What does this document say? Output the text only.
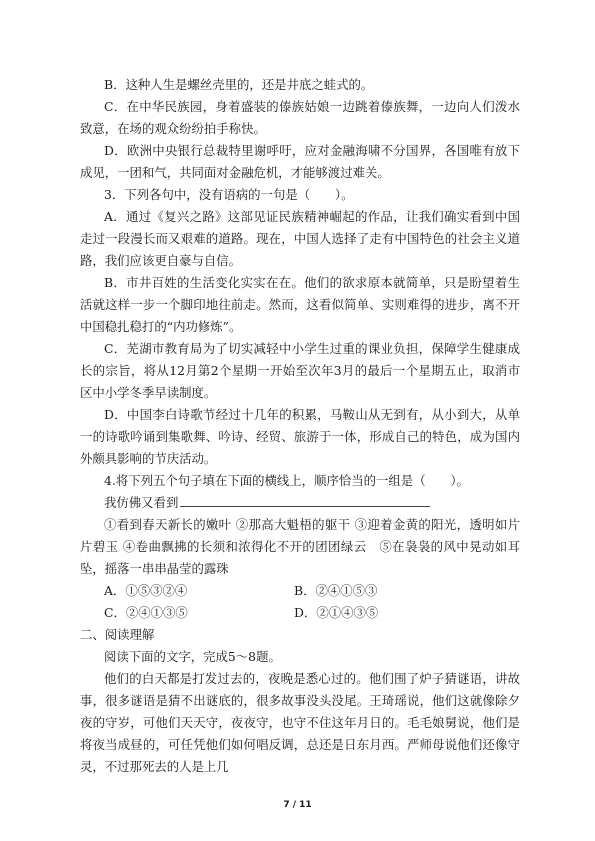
B．这种人生是螺丝壳里的，还是井底之蛙式的。
C．在中华民族园，身着盛装的傣族姑娘一边跳着傣族舞，一边向人们泼水致意，在场的观众纷纷拍手称快。
D．欧洲中央银行总裁特里谢呼吁，应对金融海啸不分国界，各国唯有放下成见，一团和气，共同面对金融危机，才能够渡过难关。
3．下列各句中，没有语病的一句是（　　）。
A．通过《复兴之路》这部见证民族精神崛起的作品，让我们确实看到中国走过一段漫长而又艰难的道路。现在，中国人选择了走有中国特色的社会主义道路，我们应该更自豪与自信。
B．市井百姓的生活变化实实在在。他们的欲求原本就简单，只是盼望着生活就这样一步一个脚印地往前走。然而，这看似简单、实则难得的进步，离不开中国稳扎稳打的“内功修炼”。
C．芜湖市教育局为了切实减轻中小学生过重的课业负担，保障学生健康成长的宗旨，将从12月第2个星期一开始至次年3月的最后一个星期五止，取消市区中小学冬季早读制度。
D．中国李白诗歌节经过十几年的积累，马鞍山从无到有，从小到大，从单一的诗歌吟诵到集歌舞、吟诗、经贸、旅游于一体，形成自己的特色，成为国内外颇具影响的节庆活动。
4.将下列五个句子填在下面的横线上，顺序恰当的一组是（　　）。
我仿佛又看到
①看到春天新长的嫩叶 ②那高大魁梧的躯干 ③迎着金黄的阳光，透明如片片碧玉 ④卷曲飘拂的长须和浓得化不开的团团绿云　⑤在袅袅的风中晃动如耳坠，摇落一串串晶莹的露珠
A．①⑤③②④	B．②④①⑤③
C．②④①③⑤	D．②①④③⑤
二、阅读理解
阅读下面的文字，完成5～8题。
他们的白天都是打发过去的，夜晚是悉心过的。他们围了炉子猜谜语，讲故事，很多谜语是猜不出谜底的，很多故事没头没尾。王琦瑶说，他们这就像除夕夜的守岁，可他们天天守，夜夜守，也守不住这年月日的。毛毛娘舅说，他们是将夜当成昼的，可任凭他们如何唱反调，总还是日东月西。严师母说他们还像守灵，不过那死去的人是上几
7 / 11
